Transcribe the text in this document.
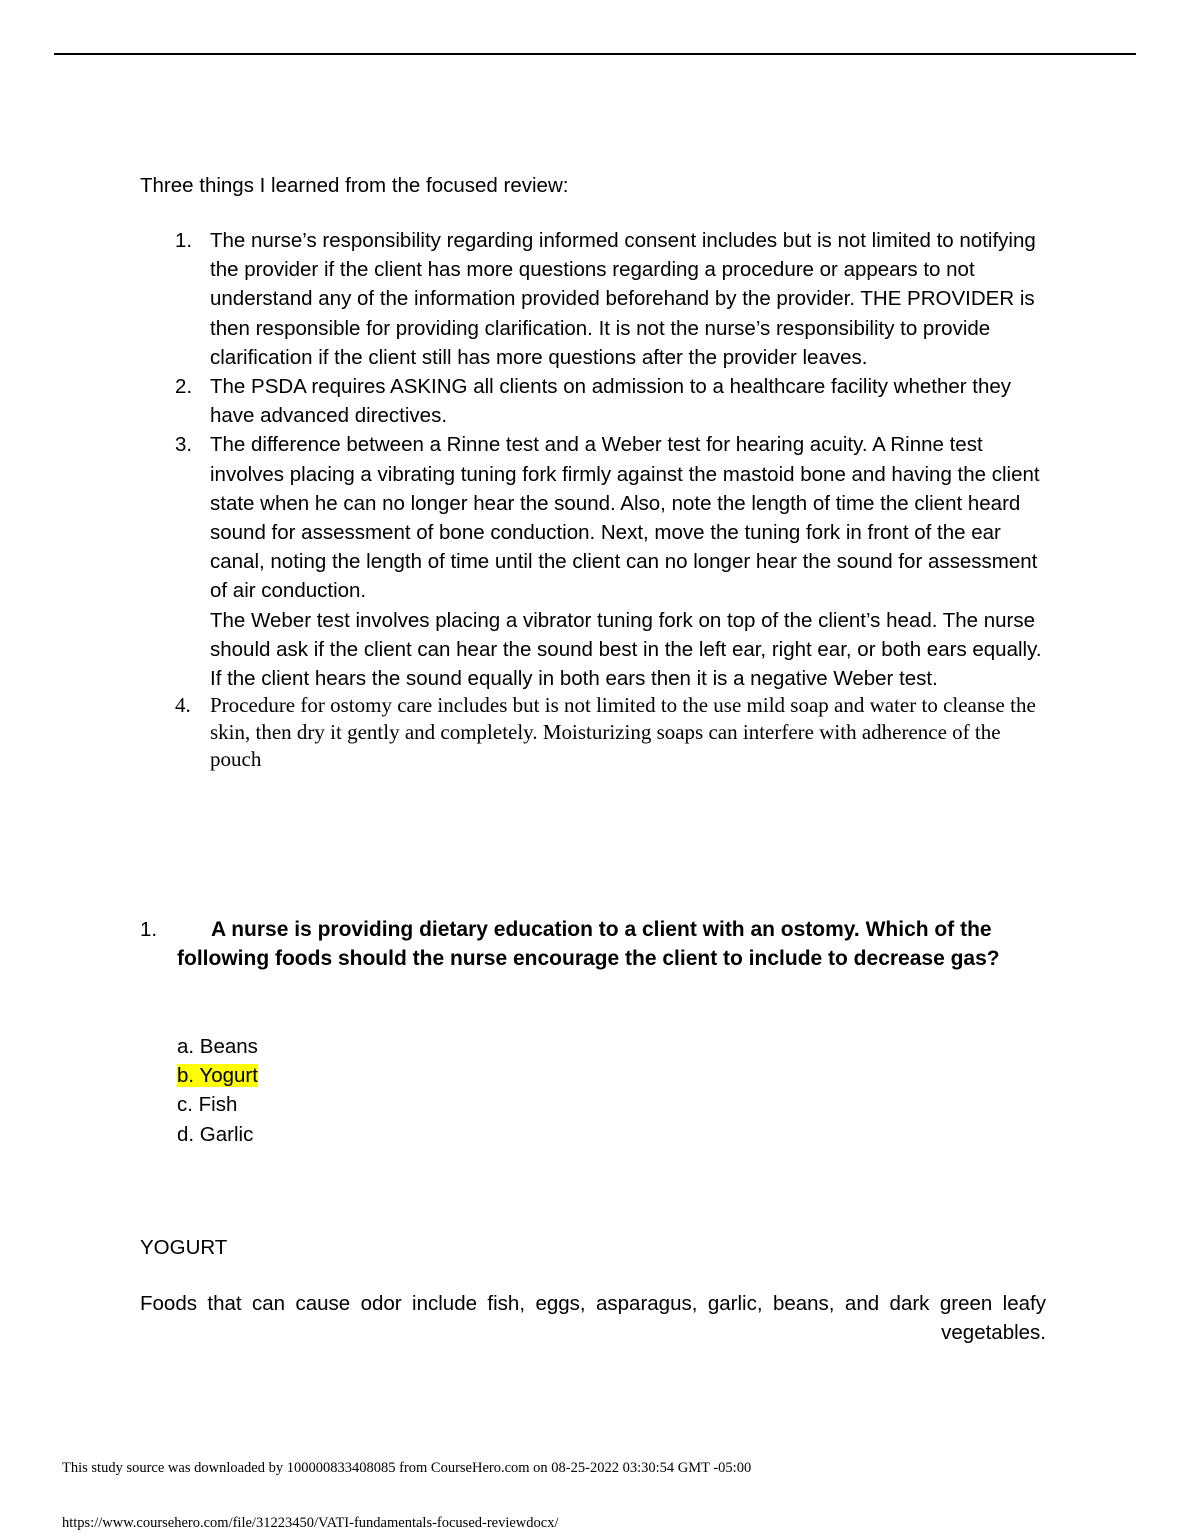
Three things I learned from the focused review:

1. The nurse’s responsibility regarding informed consent includes but is not limited to notifying the provider if the client has more questions regarding a procedure or appears to not understand any of the information provided beforehand by the provider. THE PROVIDER is then responsible for providing clarification. It is not the nurse’s responsibility to provide clarification if the client still has more questions after the provider leaves.
2. The PSDA requires ASKING all clients on admission to a healthcare facility whether they have advanced directives.
3. The difference between a Rinne test and a Weber test for hearing acuity. A Rinne test involves placing a vibrating tuning fork firmly against the mastoid bone and having the client state when he can no longer hear the sound. Also, note the length of time the client heard sound for assessment of bone conduction. Next, move the tuning fork in front of the ear canal, noting the length of time until the client can no longer hear the sound for assessment of air conduction.
The Weber test involves placing a vibrator tuning fork on top of the client’s head. The nurse should ask if the client can hear the sound best in the left ear, right ear, or both ears equally. If the client hears the sound equally in both ears then it is a negative Weber test.
4. Procedure for ostomy care includes but is not limited to the use mild soap and water to cleanse the skin, then dry it gently and completely. Moisturizing soaps can interfere with adherence of the pouch
1.	A nurse is providing dietary education to a client with an ostomy. Which of the following foods should the nurse encourage the client to include to decrease gas?
a. Beans
b. Yogurt
c. Fish
d. Garlic

YOGURT

Foods that can cause odor include fish, eggs, asparagus, garlic, beans, and dark green leafy  vegetables.

This study source was downloaded by 100000833408085 from CourseHero.com on 08-25-2022 03:30:54 GMT -05:00

https://www.coursehero.com/file/31223450/VATI-fundamentals-focused-reviewdocx/
